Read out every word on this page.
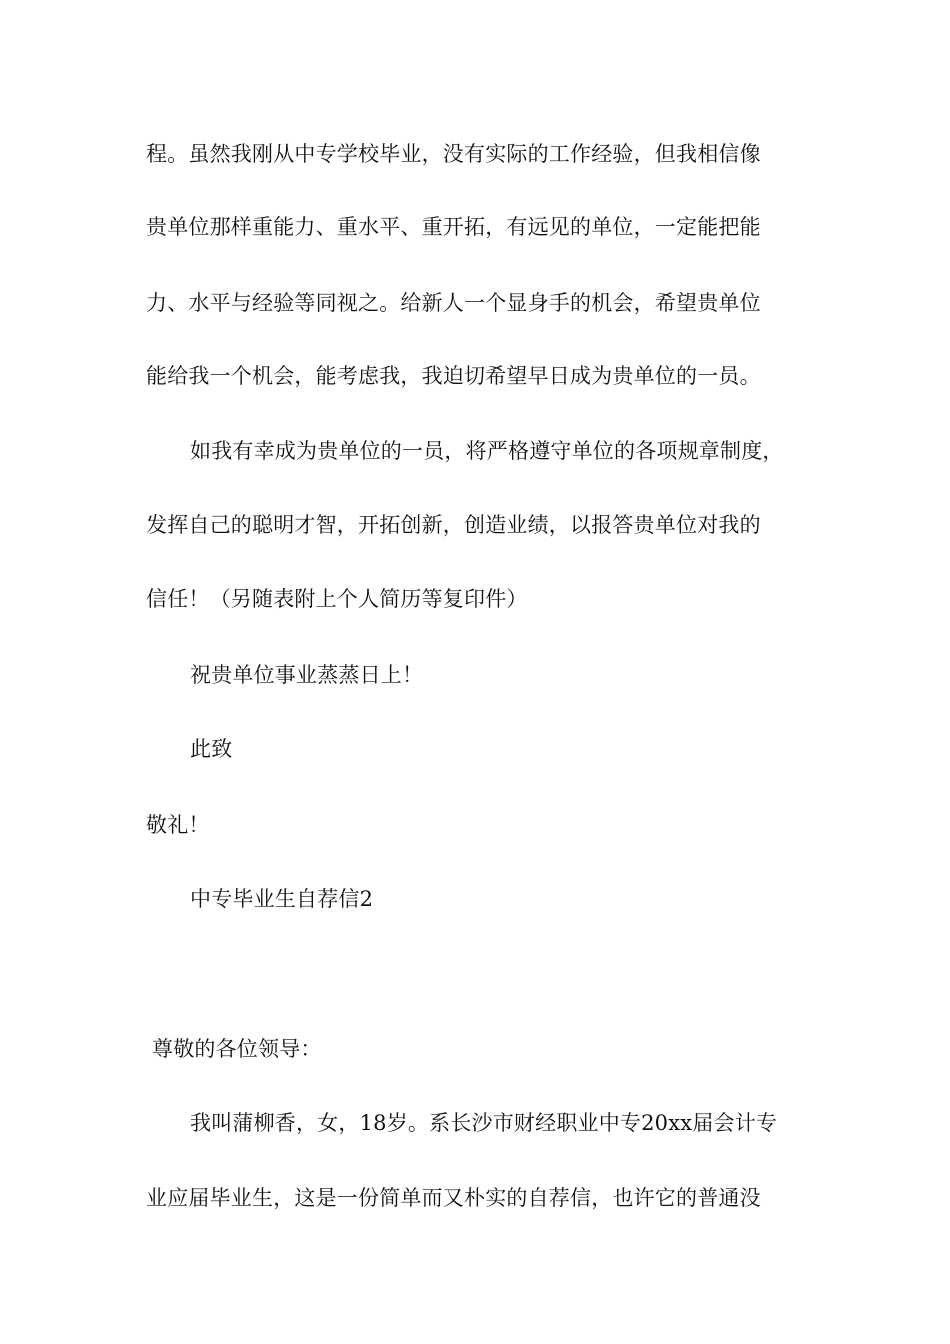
程。虽然我刚从中专学校毕业，没有实际的工作经验，但我相信像
贵单位那样重能力、重水平、重开拓，有远见的单位，一定能把能
力、水平与经验等同视之。给新人一个显身手的机会，希望贵单位
能给我一个机会，能考虑我，我迫切希望早日成为贵单位的一员。
如我有幸成为贵单位的一员，将严格遵守单位的各项规章制度，
发挥自己的聪明才智，开拓创新，创造业绩，以报答贵单位对我的
信任！（另随表附上个人简历等复印件）
祝贵单位事业蒸蒸日上！
此致
敬礼！
中专毕业生自荐信2
尊敬的各位领导：
我叫蒲柳香，女，18岁。系长沙市财经职业中专20xx届会计专
业应届毕业生，这是一份简单而又朴实的自荐信，也许它的普通没
